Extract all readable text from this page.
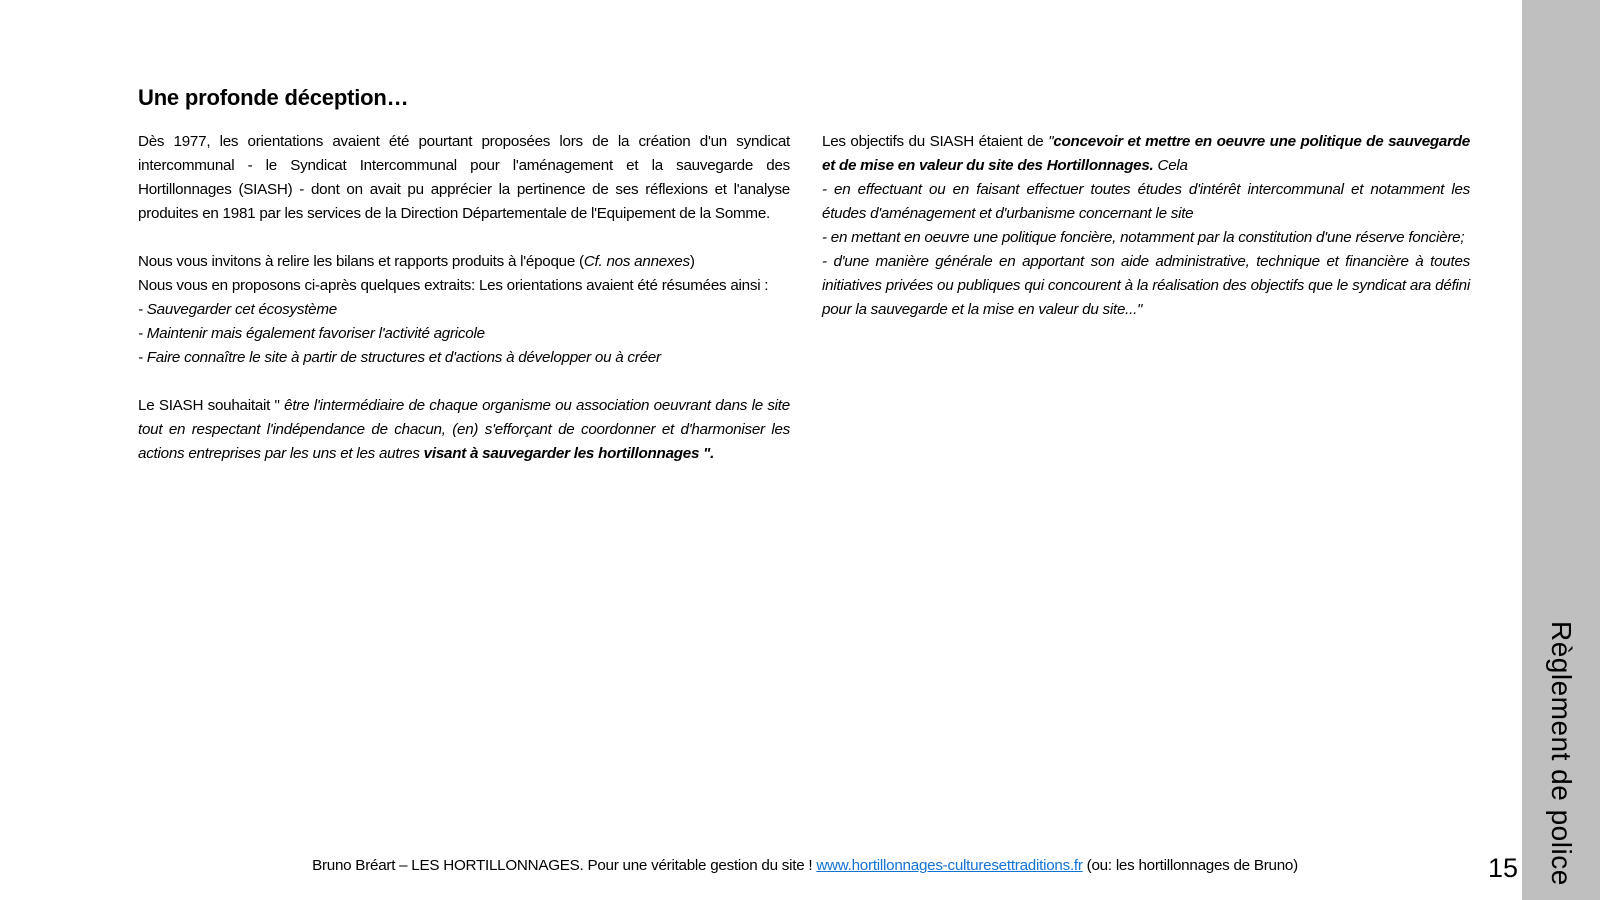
Règlement de police
Une profonde déception…

Dès 1977, les orientations avaient été pourtant proposées lors de la création d'un syndicat intercommunal - le Syndicat Intercommunal pour l'aménagement et la sauvegarde des Hortillonnages (SIASH) - dont on avait pu apprécier la pertinence de ses réflexions et l'analyse produites en 1981 par les services de la Direction Départementale de l'Equipement de la Somme.

Nous vous invitons à relire les bilans et rapports produits à l'époque (Cf. nos annexes)
Nous vous en proposons ci-après quelques extraits: Les orientations avaient été résumées ainsi :
- Sauvegarder cet écosystème
- Maintenir mais également favoriser l'activité agricole
- Faire connaître le site à partir de structures et d'actions à développer ou à créer

Le SIASH souhaitait " être l'intermédiaire de chaque organisme ou association oeuvrant dans le site tout en respectant l'indépendance de chacun, (en) s'efforçant de coordonner et d'harmoniser les actions entreprises par les uns et les autres visant à sauvegarder les hortillonnages ".

Les objectifs du SIASH étaient de "concevoir et mettre en oeuvre une politique de sauvegarde et de mise en valeur du site des Hortillonnages. Cela
- en effectuant ou en faisant effectuer toutes études d'intérêt intercommunal et notamment les études d'aménagement et d'urbanisme concernant le site
- en mettant en oeuvre une politique foncière, notamment par la constitution d'une réserve foncière;
- d'une manière générale en apportant son aide administrative, technique et financière à toutes initiatives privées ou publiques qui concourent à la réalisation des objectifs que le syndicat ara défini pour la sauvegarde et la mise en valeur du site..."

Bruno Bréart – LES HORTILLONNAGES. Pour une véritable gestion du site ! www.hortillonnages-culturesettraditions.fr (ou: les hortillonnages de Bruno)	15
